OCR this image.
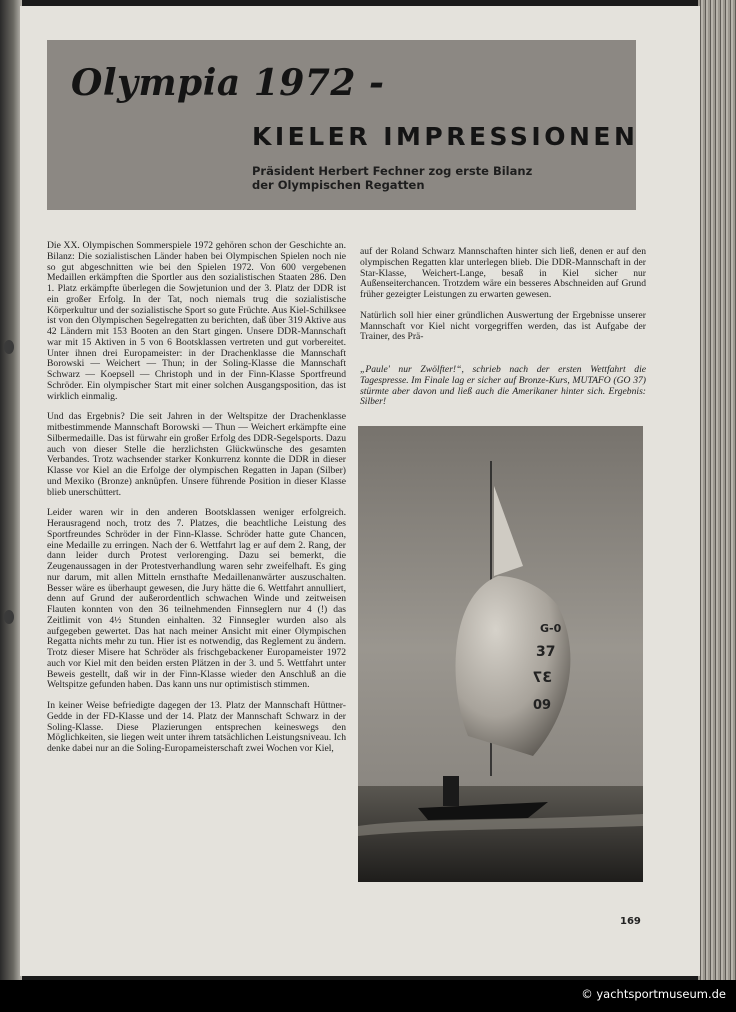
Olympia 1972 -
KIELER IMPRESSIONEN
Präsident Herbert Fechner zog erste Bilanz
der Olympischen Regatten

Die XX. Olympischen Sommerspiele 1972 gehören schon der Geschichte an. Bilanz: Die sozialistischen Länder haben bei Olympischen Spielen noch nie so gut abgeschnitten wie bei den Spielen 1972. Von 600 vergebenen Medaillen erkämpften die Sportler aus den sozialistischen Staaten 286. Den 1. Platz erkämpfte überlegen die Sowjetunion und der 3. Platz der DDR ist ein großer Erfolg. In der Tat, noch niemals trug die sozialistische Körperkultur und der sozialistische Sport so gute Früchte. Aus Kiel-Schilksee ist von den Olympischen Segelregatten zu berichten, daß über 319 Aktive aus 42 Ländern mit 153 Booten an den Start gingen. Unsere DDR-Mannschaft war mit 15 Aktiven in 5 von 6 Bootsklassen vertreten und gut vorbereitet. Unter ihnen drei Europameister: in der Drachenklasse die Mannschaft Borowski — Weichert — Thun; in der Soling-Klasse die Mannschaft Schwarz — Koepsell — Christoph und in der Finn-Klasse Sportfreund Schröder. Ein olympischer Start mit einer solchen Ausgangsposition, das ist wirklich einmalig.

Und das Ergebnis? Die seit Jahren in der Weltspitze der Drachenklasse mitbestimmende Mannschaft Borowski — Thun — Weichert erkämpfte eine Silbermedaille. Das ist fürwahr ein großer Erfolg des DDR-Segelsports. Dazu auch von dieser Stelle die herzlichsten Glückwünsche des gesamten Verbandes. Trotz wachsender starker Konkurrenz konnte die DDR in dieser Klasse vor Kiel an die Erfolge der olympischen Regatten in Japan (Silber) und Mexiko (Bronze) anknüpfen. Unsere führende Position in dieser Klasse blieb unerschüttert.

Leider waren wir in den anderen Bootsklassen weniger erfolgreich. Herausragend noch, trotz des 7. Platzes, die beachtliche Leistung des Sportfreundes Schröder in der Finn-Klasse. Schröder hatte gute Chancen, eine Medaille zu erringen. Nach der 6. Wettfahrt lag er auf dem 2. Rang, der dann leider durch Protest verlorenging. Dazu sei bemerkt, die Zeugenaussagen in der Protestverhandlung waren sehr zweifelhaft. Es ging nur darum, mit allen Mitteln ernsthafte Medaillenanwärter auszuschalten. Besser wäre es überhaupt gewesen, die Jury hätte die 6. Wettfahrt annulliert, denn auf Grund der außerordentlich schwachen Winde und zeitweisen Flauten konnten von den 36 teilnehmenden Finnseglern nur 4 (!) das Zeitlimit von 4½ Stunden einhalten. 32 Finnsegler wurden also als aufgegeben gewertet. Das hat nach meiner Ansicht mit einer Olympischen Regatta nichts mehr zu tun. Hier ist es notwendig, das Reglement zu ändern. Trotz dieser Misere hat Schröder als frischgebackener Europameister 1972 auch vor Kiel mit den beiden ersten Plätzen in der 3. und 5. Wettfahrt unter Beweis gestellt, daß wir in der Finn-Klasse wieder den Anschluß an die Weltspitze gefunden haben. Das kann uns nur optimistisch stimmen.

In keiner Weise befriedigte dagegen der 13. Platz der Mannschaft Hüttner-Gedde in der FD-Klasse und der 14. Platz der Mannschaft Schwarz in der Soling-Klasse. Diese Plazierungen entsprechen keineswegs den Möglichkeiten, sie liegen weit unter ihrem tatsächlichen Leistungsniveau. Ich denke dabei nur an die Soling-Europameisterschaft zwei Wochen vor Kiel,

auf der Roland Schwarz Mannschaften hinter sich ließ, denen er auf den olympischen Regatten klar unterlegen blieb. Die DDR-Mannschaft in der Star-Klasse, Weichert-Lange, besaß in Kiel sicher nur Außenseiterchancen. Trotzdem wäre ein besseres Abschneiden auf Grund früher gezeigter Leistungen zu erwarten gewesen.

Natürlich soll hier einer gründlichen Auswertung der Ergebnisse unserer Mannschaft vor Kiel nicht vorgegriffen werden, das ist Aufgabe der Trainer, des Prä-

„Paule' nur Zwölfter!“, schrieb nach der ersten Wettfahrt die Tagespresse. Im Finale lag er sicher auf Bronze-Kurs, MUTAFO (GO 37) stürmte aber davon und ließ auch die Amerikaner hinter sich. Ergebnis: Silber!
G-0
37
37
09
169
© yachtsportmuseum.de
